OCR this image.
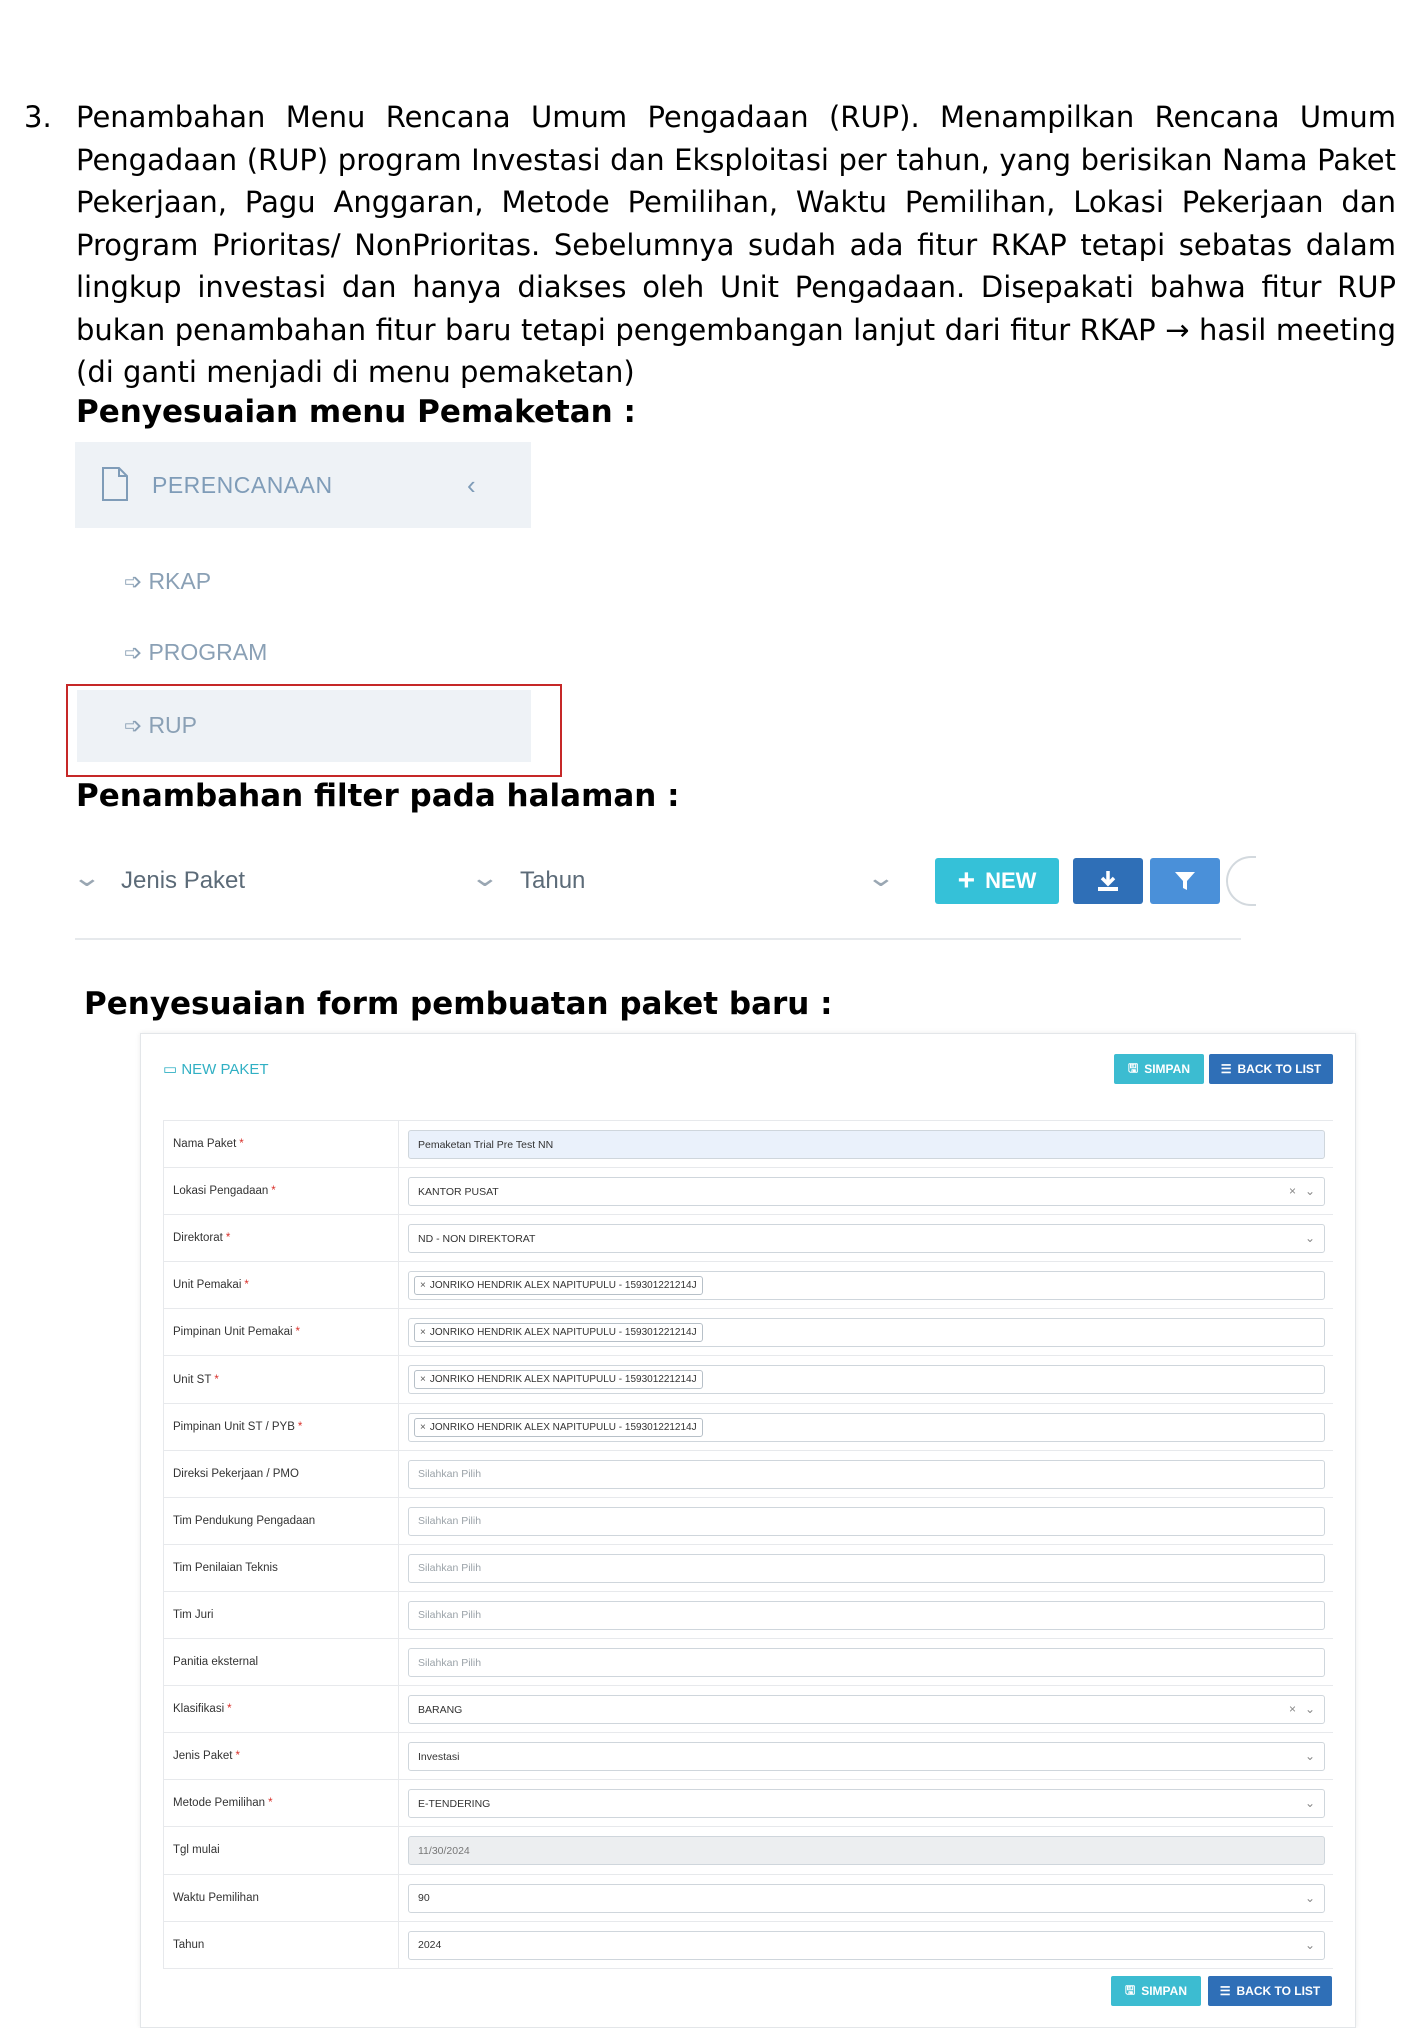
3. Penambahan Menu Rencana Umum Pengadaan (RUP). Menampilkan Rencana Umum Pengadaan (RUP) program Investasi dan Eksploitasi per tahun, yang berisikan Nama Paket Pekerjaan, Pagu Anggaran, Metode Pemilihan, Waktu Pemilihan, Lokasi Pekerjaan dan Program Prioritas/ NonPrioritas. Sebelumnya sudah ada fitur RKAP tetapi sebatas dalam lingkup investasi dan hanya diakses oleh Unit Pengadaan. Disepakati bahwa fitur RUP bukan penambahan fitur baru tetapi pengembangan lanjut dari fitur RKAP → hasil meeting (di ganti menjadi di menu pemaketan)
Penyesuaian menu Pemaketan :
PERENCANAAN	‹
➩ RKAP
➩ PROGRAM
➩ RUP
Penambahan filter pada halaman :
⌄ Jenis Paket	⌄ Tahun	⌄ + NEW
Penyesuaian form pembuatan paket baru :
▭ NEW PAKET	🖫 SIMPAN	☰ BACK TO LIST
Nama Paket *	Pemaketan Trial Pre Test NN
Lokasi Pengadaan *	KANTOR PUSAT	× ⌄
Direktorat *	ND - NON DIREKTORAT	⌄
Unit Pemakai *	× JONRIKO HENDRIK ALEX NAPITUPULU - 159301221214J
Pimpinan Unit Pemakai *	× JONRIKO HENDRIK ALEX NAPITUPULU - 159301221214J
Unit ST *	× JONRIKO HENDRIK ALEX NAPITUPULU - 159301221214J
Pimpinan Unit ST / PYB *	× JONRIKO HENDRIK ALEX NAPITUPULU - 159301221214J
Direksi Pekerjaan / PMO	Silahkan Pilih
Tim Pendukung Pengadaan	Silahkan Pilih
Tim Penilaian Teknis	Silahkan Pilih
Tim Juri	Silahkan Pilih
Panitia eksternal	Silahkan Pilih
Klasifikasi *	BARANG	× ⌄
Jenis Paket *	Investasi	⌄
Metode Pemilihan *	E-TENDERING	⌄
Tgl mulai	11/30/2024
Waktu Pemilihan	90	⌄
Tahun	2024	⌄
🖫 SIMPAN	☰ BACK TO LIST
